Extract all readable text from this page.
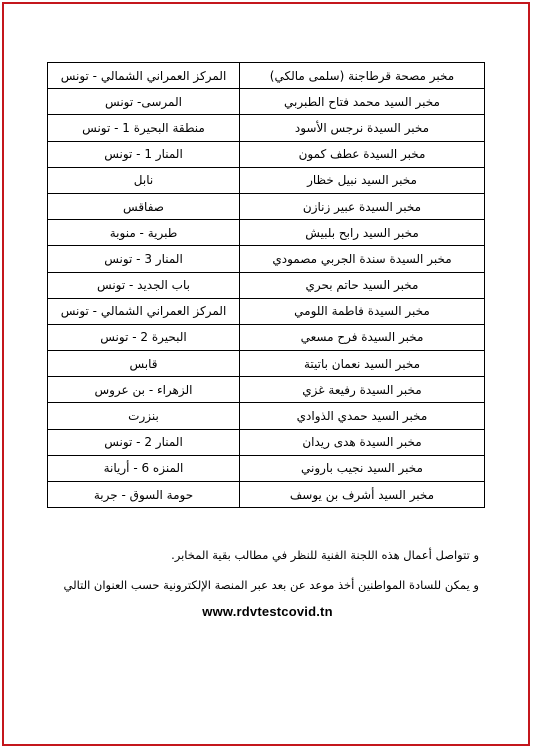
مخبر مصحة قرطاجنة (سلمى مالكي)	المركز العمراني الشمالي - تونس
مخبر السيد محمد فتاح الطبربي	المرسى- تونس
مخبر السيدة نرجس الأسود	منطقة البحيرة 1 - تونس
مخبر السيدة عطف كمون	المنار 1 - تونس
مخبر السيد نبيل خظار	نابل
مخبر السيدة عبير زنازن	صفاقس
مخبر السيد رابح بلبيش	طبرية - منوبة
مخبر السيدة سندة الجربي مصمودي	المنار 3 - تونس
مخبر السيد حاتم بحري	باب الجديد - تونس
مخبر السيدة فاطمة اللومي	المركز العمراني الشمالي - تونس
مخبر السيدة فرح مسعي	البحيرة 2 - تونس
مخبر السيد نعمان باتيتة	قابس
مخبر السيدة رفيعة غزي	الزهراء - بن عروس
مخبر السيد حمدي الذوادي	بنزرت
مخبر السيدة هدى ريدان	المنار 2 - تونس
مخبر السيد نجيب باروني	المنزه 6 - أريانة
مخبر السيد أشرف بن يوسف	حومة السوق - جربة
و تتواصل أعمال هذه اللجنة الفنية للنظر في مطالب بقية المخابر.
و يمكن للسادة المواطنين أخذ موعد عن بعد عبر المنصة الإلكترونية حسب العنوان التالي
www.rdvtestcovid.tn
